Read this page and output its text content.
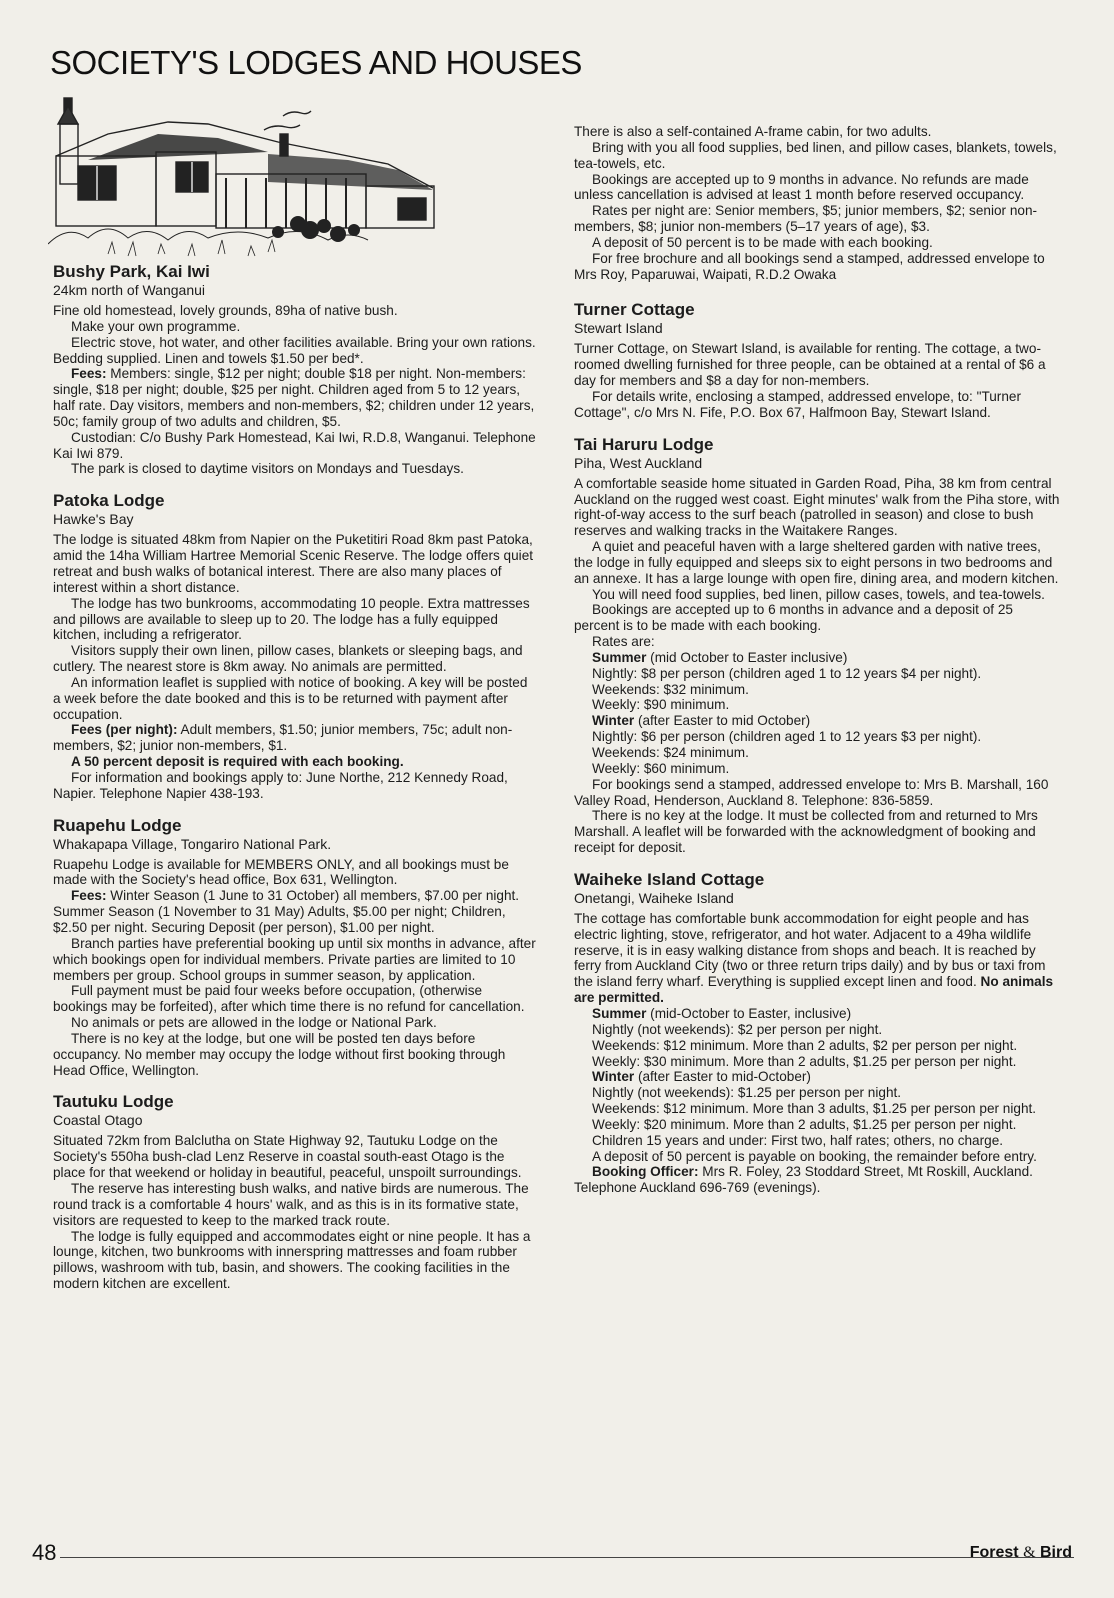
SOCIETY'S LODGES AND HOUSES
Bushy Park, Kai Iwi

24km north of Wanganui

Fine old homestead, lovely grounds, 89ha of native bush.

Make your own programme.

Electric stove, hot water, and other facilities available. Bring your own rations. Bedding supplied. Linen and towels $1.50 per bed*.

Fees: Members: single, $12 per night; double $18 per night. Non-members: single, $18 per night; double, $25 per night. Children aged from 5 to 12 years, half rate. Day visitors, members and non-members, $2; children under 12 years, 50c; family group of two adults and children, $5.

Custodian: C/o Bushy Park Homestead, Kai Iwi, R.D.8, Wanganui. Telephone Kai Iwi 879.

The park is closed to daytime visitors on Mondays and Tuesdays.

Patoka Lodge

Hawke's Bay

The lodge is situated 48km from Napier on the Puketitiri Road 8km past Patoka, amid the 14ha William Hartree Memorial Scenic Reserve. The lodge offers quiet retreat and bush walks of botanical interest. There are also many places of interest within a short distance.

The lodge has two bunkrooms, accommodating 10 people. Extra mattresses and pillows are available to sleep up to 20. The lodge has a fully equipped kitchen, including a refrigerator.

Visitors supply their own linen, pillow cases, blankets or sleeping bags, and cutlery. The nearest store is 8km away. No animals are permitted.

An information leaflet is supplied with notice of booking. A key will be posted a week before the date booked and this is to be returned with payment after occupation.

Fees (per night): Adult members, $1.50; junior members, 75c; adult non-members, $2; junior non-members, $1.

A 50 percent deposit is required with each booking.

For information and bookings apply to: June Northe, 212 Kennedy Road, Napier. Telephone Napier 438-193.

Ruapehu Lodge

Whakapapa Village, Tongariro National Park.

Ruapehu Lodge is available for MEMBERS ONLY, and all bookings must be made with the Society's head office, Box 631, Wellington.

Fees: Winter Season (1 June to 31 October) all members, $7.00 per night. Summer Season (1 November to 31 May) Adults, $5.00 per night; Children, $2.50 per night. Securing Deposit (per person), $1.00 per night.

Branch parties have preferential booking up until six months in advance, after which bookings open for individual members. Private parties are limited to 10 members per group. School groups in summer season, by application.

Full payment must be paid four weeks before occupation, (otherwise bookings may be forfeited), after which time there is no refund for cancellation.

No animals or pets are allowed in the lodge or National Park.

There is no key at the lodge, but one will be posted ten days before occupancy. No member may occupy the lodge without first booking through Head Office, Wellington.

Tautuku Lodge

Coastal Otago

Situated 72km from Balclutha on State Highway 92, Tautuku Lodge on the Society's 550ha bush-clad Lenz Reserve in coastal south-east Otago is the place for that weekend or holiday in beautiful, peaceful, unspoilt surroundings.

The reserve has interesting bush walks, and native birds are numerous. The round track is a comfortable 4 hours' walk, and as this is in its formative state, visitors are requested to keep to the marked track route.

The lodge is fully equipped and accommodates eight or nine people. It has a lounge, kitchen, two bunkrooms with innerspring mattresses and foam rubber pillows, washroom with tub, basin, and showers. The cooking facilities in the modern kitchen are excellent.

There is also a self-contained A-frame cabin, for two adults.

Bring with you all food supplies, bed linen, and pillow cases, blankets, towels, tea-towels, etc.

Bookings are accepted up to 9 months in advance. No refunds are made unless cancellation is advised at least 1 month before reserved occupancy.

Rates per night are: Senior members, $5; junior members, $2; senior non-members, $8; junior non-members (5–17 years of age), $3.

A deposit of 50 percent is to be made with each booking.

For free brochure and all bookings send a stamped, addressed envelope to Mrs Roy, Paparuwai, Waipati, R.D.2 Owaka

Turner Cottage

Stewart Island

Turner Cottage, on Stewart Island, is available for renting. The cottage, a two-roomed dwelling furnished for three people, can be obtained at a rental of $6 a day for members and $8 a day for non-members.

For details write, enclosing a stamped, addressed envelope, to: "Turner Cottage", c/o Mrs N. Fife, P.O. Box 67, Halfmoon Bay, Stewart Island.

Tai Haruru Lodge

Piha, West Auckland

A comfortable seaside home situated in Garden Road, Piha, 38 km from central Auckland on the rugged west coast. Eight minutes' walk from the Piha store, with right-of-way access to the surf beach (patrolled in season) and close to bush reserves and walking tracks in the Waitakere Ranges.

A quiet and peaceful haven with a large sheltered garden with native trees, the lodge in fully equipped and sleeps six to eight persons in two bedrooms and an annexe. It has a large lounge with open fire, dining area, and modern kitchen.

You will need food supplies, bed linen, pillow cases, towels, and tea-towels.

Bookings are accepted up to 6 months in advance and a deposit of 25 percent is to be made with each booking.

Rates are:

Summer (mid October to Easter inclusive)

Nightly: $8 per person (children aged 1 to 12 years $4 per night).

Weekends: $32 minimum.

Weekly: $90 minimum.

Winter (after Easter to mid October)

Nightly: $6 per person (children aged 1 to 12 years $3 per night).

Weekends: $24 minimum.

Weekly: $60 minimum.

For bookings send a stamped, addressed envelope to: Mrs B. Marshall, 160 Valley Road, Henderson, Auckland 8. Telephone: 836-5859.

There is no key at the lodge. It must be collected from and returned to Mrs Marshall. A leaflet will be forwarded with the acknowledgment of booking and receipt for deposit.

Waiheke Island Cottage

Onetangi, Waiheke Island

The cottage has comfortable bunk accommodation for eight people and has electric lighting, stove, refrigerator, and hot water. Adjacent to a 49ha wildlife reserve, it is in easy walking distance from shops and beach. It is reached by ferry from Auckland City (two or three return trips daily) and by bus or taxi from the island ferry wharf. Everything is supplied except linen and food. No animals are permitted.

Summer (mid-October to Easter, inclusive)

Nightly (not weekends): $2 per person per night.

Weekends: $12 minimum. More than 2 adults, $2 per person per night.

Weekly: $30 minimum. More than 2 adults, $1.25 per person per night.

Winter (after Easter to mid-October)

Nightly (not weekends): $1.25 per person per night.

Weekends: $12 minimum. More than 3 adults, $1.25 per person per night.

Weekly: $20 minimum. More than 2 adults, $1.25 per person per night.

Children 15 years and under: First two, half rates; others, no charge.

A deposit of 50 percent is payable on booking, the remainder before entry.

Booking Officer: Mrs R. Foley, 23 Stoddard Street, Mt Roskill, Auckland. Telephone Auckland 696-769 (evenings).

48	Forest & Bird
